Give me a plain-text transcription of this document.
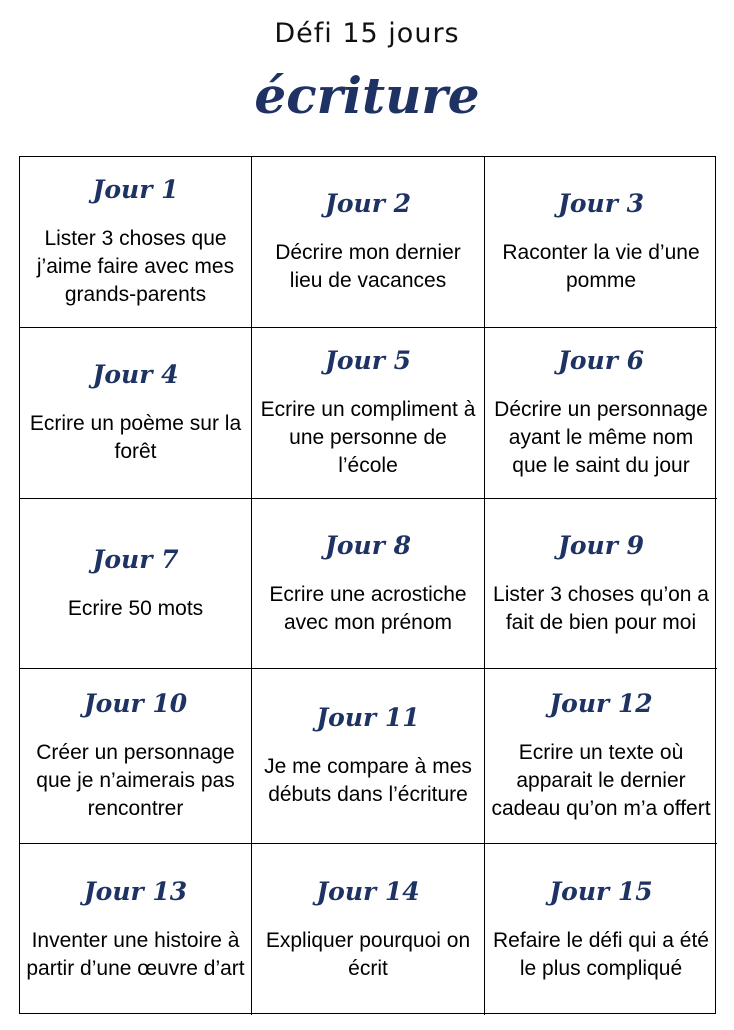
Défi 15 jours
écriture
Jour 1
Lister 3 choses que j’aime faire avec mes grands-parents
Jour 2
Décrire mon dernier lieu de vacances
Jour 3
Raconter la vie d’une pomme
Jour 4
Ecrire un poème sur la forêt
Jour 5
Ecrire un compliment à une personne de l’école
Jour 6
Décrire un personnage ayant le même nom que le saint du jour
Jour 7
Ecrire 50 mots
Jour 8
Ecrire une acrostiche avec mon prénom
Jour 9
Lister 3 choses qu’on a fait de bien pour moi
Jour 10
Créer un personnage que je n’aimerais pas rencontrer
Jour 11
Je me compare à mes débuts dans l’écriture
Jour 12
Ecrire un texte où apparait le dernier cadeau qu’on m’a offert
Jour 13
Inventer une histoire à partir d’une œuvre d’art
Jour 14
Expliquer pourquoi on écrit
Jour 15
Refaire le défi qui a été le plus compliqué
